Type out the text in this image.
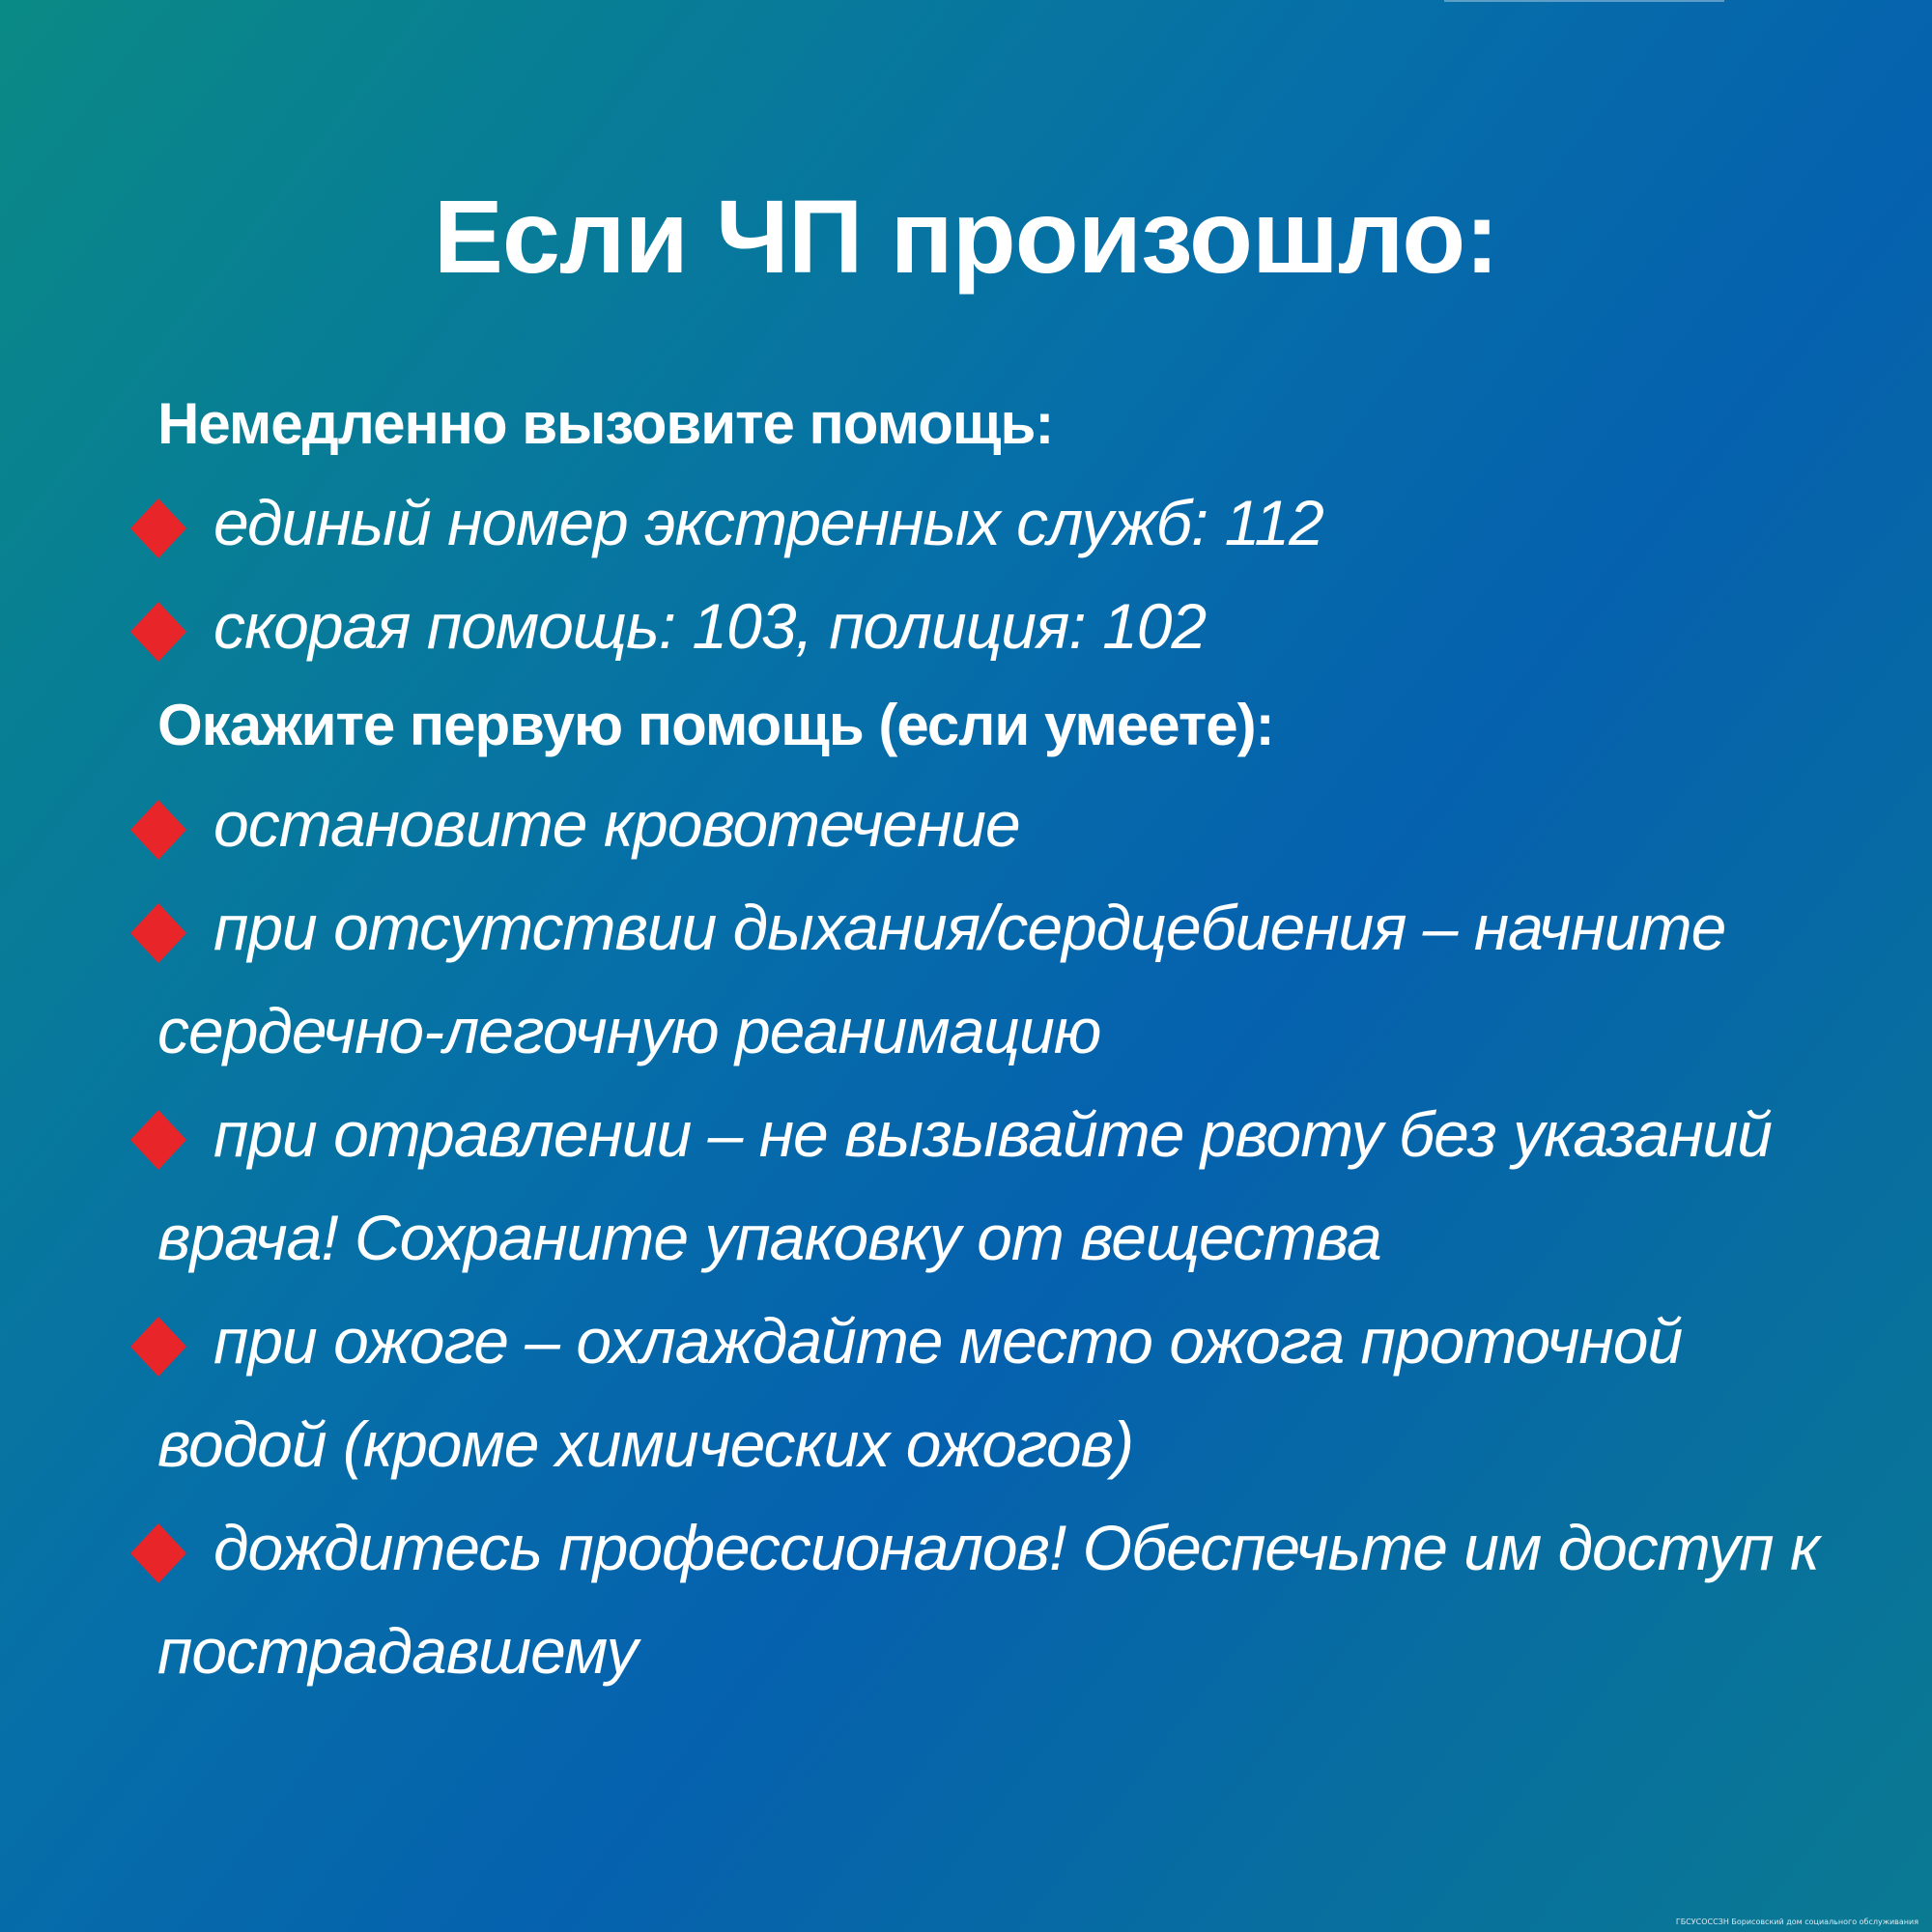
Если ЧП произошло:
Немедленно вызовите помощь:
единый номер экстренных служб: 112
скорая помощь: 103, полиция: 102
Окажите первую помощь (если умеете):
остановите кровотечение
при отсутствии дыхания/сердцебиения – начните сердечно-легочную реанимацию
при отравлении – не вызывайте рвоту без указаний врача! Сохраните упаковку от вещества
при ожоге – охлаждайте место ожога проточной водой (кроме химических ожогов)
дождитесь профессионалов! Обеспечьте им доступ к пострадавшему
ГБСУСОССЗН Борисовский дом социального обслуживания
